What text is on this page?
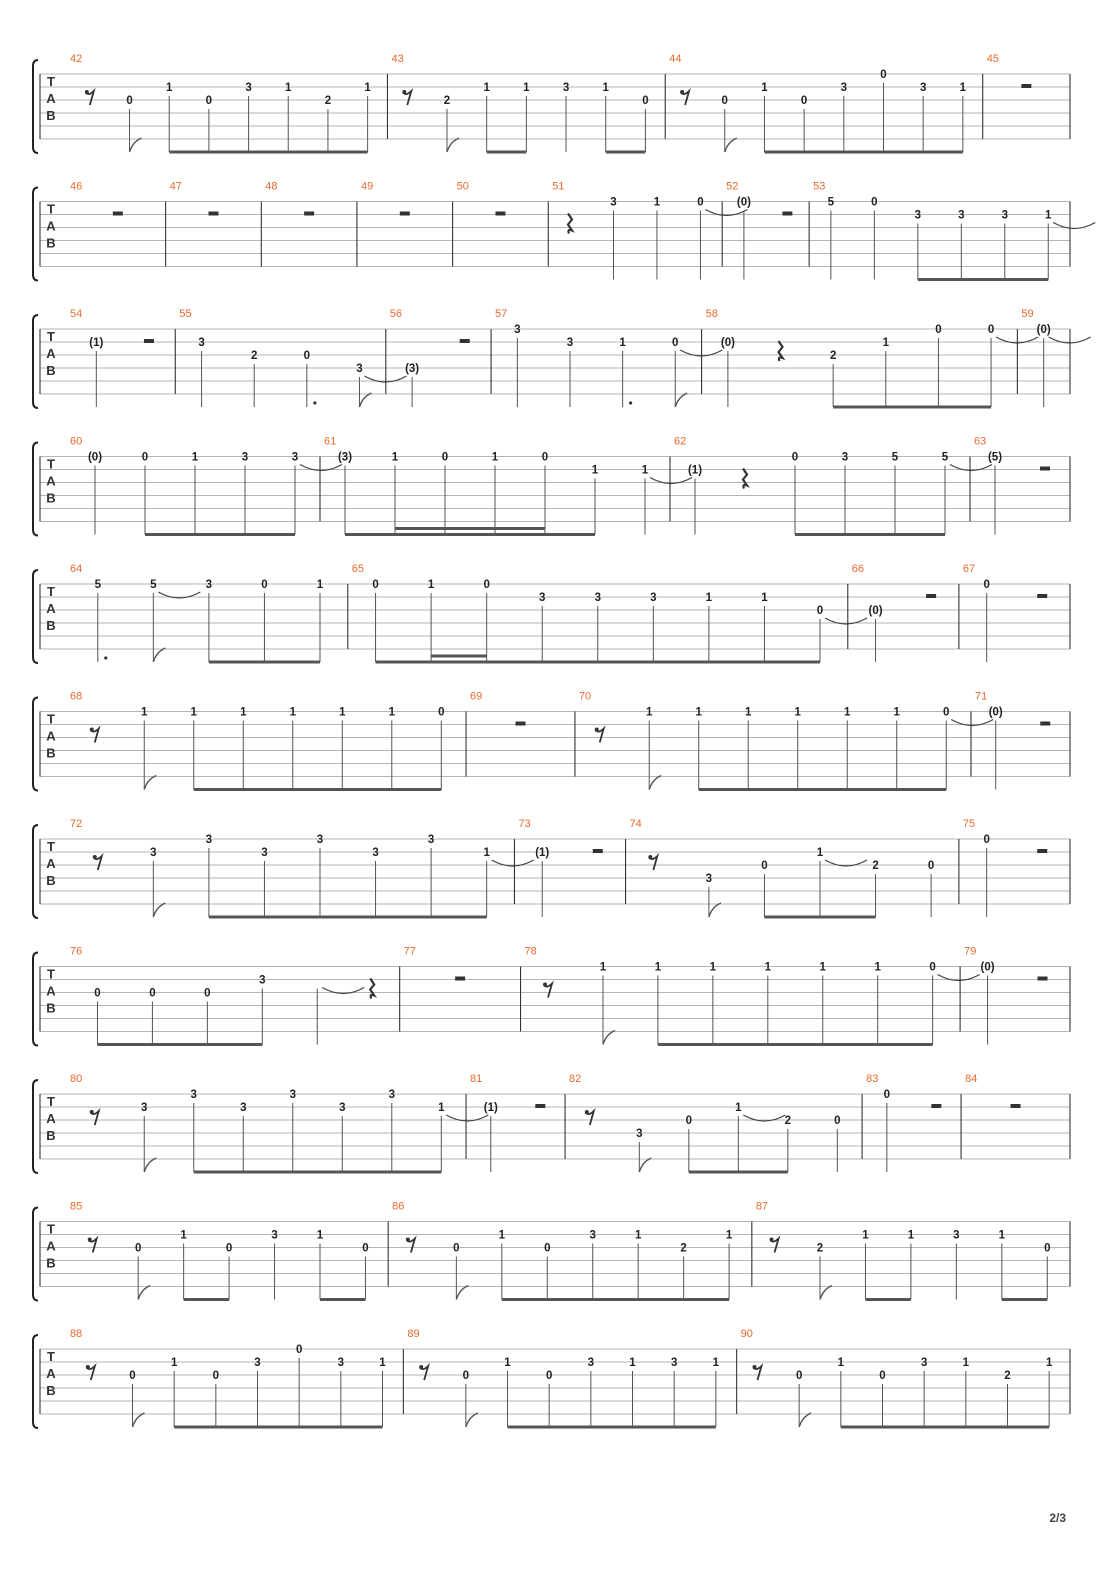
T
A
B
42
0
1
0
3	1
2
1
43
2
1	1	3	1
0
44
0
1
0
3
0
3	1
45
T
A
B
46	47	48	49	50	51
3	1	0
52
(0)
53
5	0
3	3	3	1
T
A
B
54
(1)
55
3
2	0
3
56
(3)
57
3
3	1	0
58
(0)
2
1
0	0
59
(0)
T
A
B
60
(0)	0	1	3	3
61
(3)	1	0	1	0
1	1
62
(1)
0	3	5	5
63
(5)
T
A
B
64
5	5	3	0	1
65
0	1	0
3	3	3	1	1
0
66
(0)
67
0
T
A
B
68
1	1	1	1	1	1	0
69	70
1	1	1	1	1	1	0
71
(0)
T
A
B
72
3
3
3
3
3
3
1
73
(1)
74
3
0
1
2	0
75
0
T
A
B
76
0	0	0
3
77	78
1	1	1	1	1	1	0
79
(0)
T
A
B
80
3
3
3
3
3
3
1
81
(1)
82
3
0
1
2	0
83
0
84
T
A
B
85
0
1
0
3	1
0
86
0
1
0
3	1
2
1
87
2
1	1	3	1
0
T
A
B
88
0
1
0
3
0
3	1
89
0
1
0
3	1	3	1
90
0
1
0
3	1
2
1
2/3
